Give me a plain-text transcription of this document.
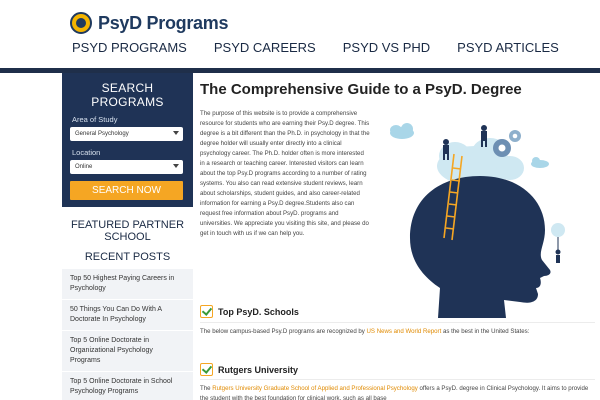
PsyD Programs
PSYD PROGRAMS PSYD CAREERS PSYD VS PHD PSYD ARTICLES
SEARCH PROGRAMS
Area of Study
General Psychology
Location
Online
SEARCH NOW
FEATURED PARTNER SCHOOL
RECENT POSTS
Top 50 Highest Paying Careers in Psychology
50 Things You Can Do With A Doctorate In Psychology
Top 5 Online Doctorate in Organizational Psychology Programs
Top 5 Online Doctorate in School Psychology Programs
The Comprehensive Guide to a PsyD. Degree

The purpose of this website is to provide a comprehensive resource for students who are earning their Psy.D degree. This degree is a bit different than the Ph.D. in psychology in that the degree holder will usually enter directly into a clinical psychology career. The Ph.D. holder often is more interested in a research or teaching career. Interested visitors can learn about the top Psy.D programs according to a number of rating systems. You also can read extensive student reviews, learn about scholarships, student guides, and also career-related information for earning a Psy.D degree.Students also can request free information about PsyD. programs and universities. We appreciate you visiting this site, and please do get in touch with us if we can help you.

Top PsyD. Schools

The below campus-based Psy.D programs are recognized by US News and World Report as the best in the United States:

Rutgers University

The Rutgers University Graduate School of Applied and Professional Psychology offers a PsyD. degree in Clinical Psychology. It aims to provide the student with the best foundation for clinical work, such as all base
